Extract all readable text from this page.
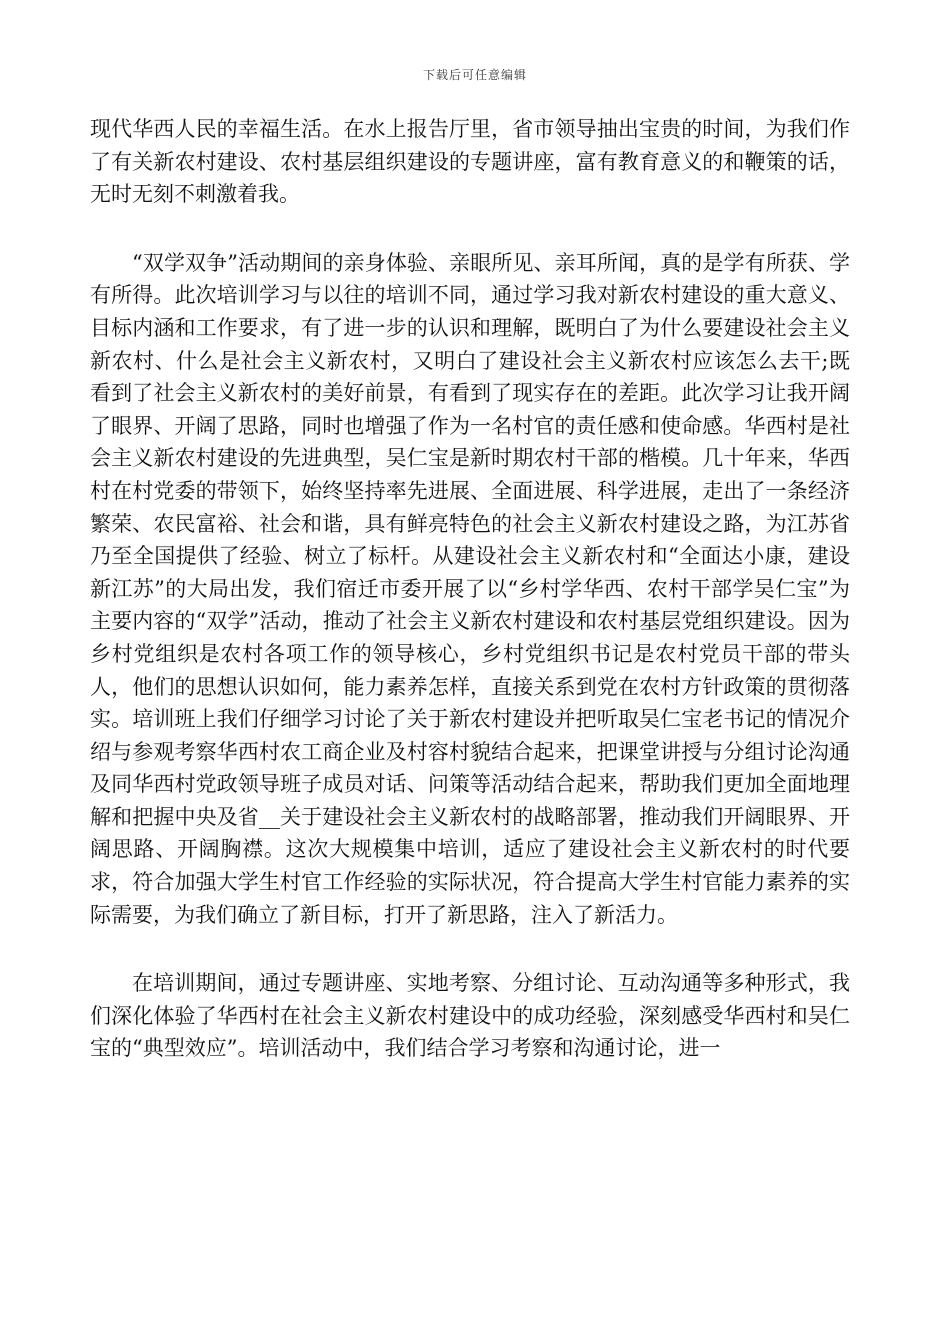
下载后可任意编辑

现代华西人民的幸福生活。在水上报告厅里，省市领导抽出宝贵的时间，为我们作了有关新农村建设、农村基层组织建设的专题讲座，富有教育意义的和鞭策的话，无时无刻不刺激着我。

“双学双争”活动期间的亲身体验、亲眼所见、亲耳所闻，真的是学有所获、学有所得。此次培训学习与以往的培训不同，通过学习我对新农村建设的重大意义、目标内涵和工作要求，有了进一步的认识和理解，既明白了为什么要建设社会主义新农村、什么是社会主义新农村，又明白了建设社会主义新农村应该怎么去干;既看到了社会主义新农村的美好前景，有看到了现实存在的差距。此次学习让我开阔了眼界、开阔了思路，同时也增强了作为一名村官的责任感和使命感。华西村是社会主义新农村建设的先进典型，吴仁宝是新时期农村干部的楷模。几十年来，华西村在村党委的带领下，始终坚持率先进展、全面进展、科学进展，走出了一条经济繁荣、农民富裕、社会和谐，具有鲜亮特色的社会主义新农村建设之路，为江苏省乃至全国提供了经验、树立了标杆。从建设社会主义新农村和“全面达小康，建设新江苏”的大局出发，我们宿迁市委开展了以“乡村学华西、农村干部学吴仁宝”为主要内容的“双学”活动，推动了社会主义新农村建设和农村基层党组织建设。因为乡村党组织是农村各项工作的领导核心，乡村党组织书记是农村党员干部的带头人，他们的思想认识如何，能力素养怎样，直接关系到党在农村方针政策的贯彻落实。培训班上我们仔细学习讨论了关于新农村建设并把听取吴仁宝老书记的情况介绍与参观考察华西村农工商企业及村容村貌结合起来，把课堂讲授与分组讨论沟通及同华西村党政领导班子成员对话、问策等活动结合起来，帮助我们更加全面地理解和把握中央及省__关于建设社会主义新农村的战略部署，推动我们开阔眼界、开阔思路、开阔胸襟。这次大规模集中培训，适应了建设社会主义新农村的时代要求，符合加强大学生村官工作经验的实际状况，符合提高大学生村官能力素养的实际需要，为我们确立了新目标，打开了新思路，注入了新活力。

在培训期间，通过专题讲座、实地考察、分组讨论、互动沟通等多种形式，我们深化体验了华西村在社会主义新农村建设中的成功经验，深刻感受华西村和吴仁宝的“典型效应”。培训活动中，我们结合学习考察和沟通讨论，进一
